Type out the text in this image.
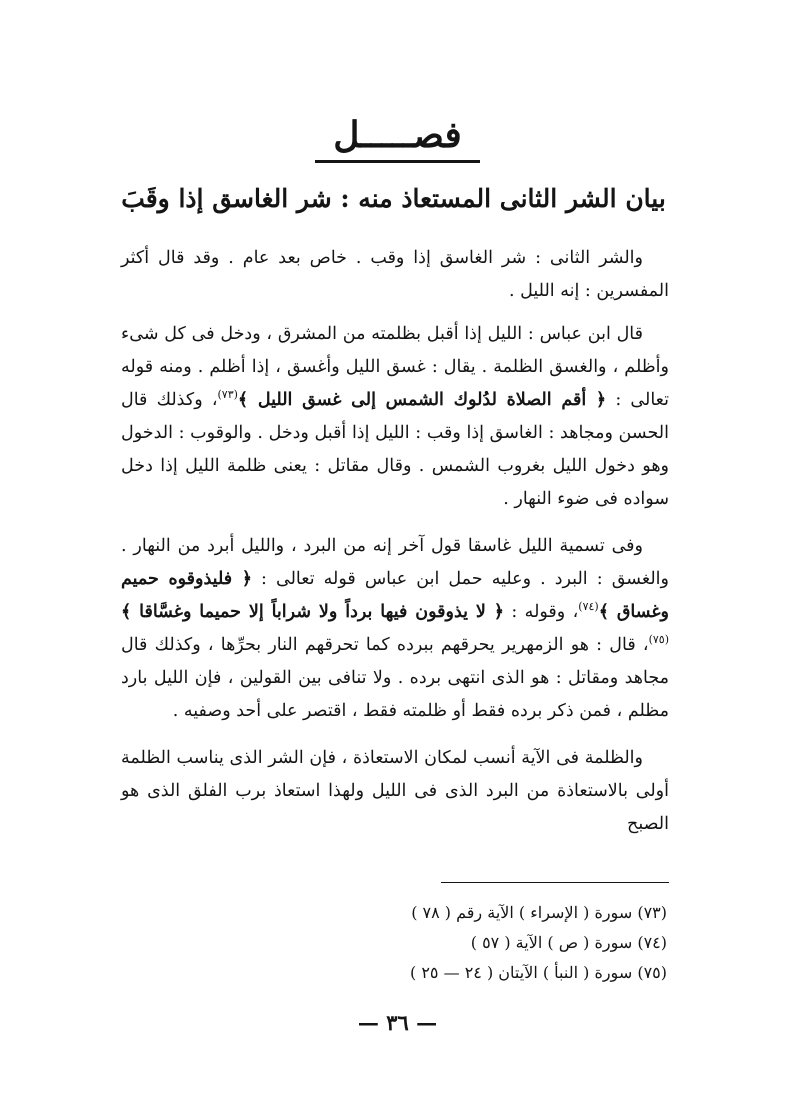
فصـــــل
بيان الشر الثانى المستعاذ منه : شر الغاسق إذا وقَبَ

والشر الثانى : شر الغاسق إذا وقب . خاص بعد عام . وقد قال أكثر المفسرين : إنه الليل .

قال ابن عباس : الليل إذا أقبل بظلمته من المشرق ، ودخل فى كل شىء وأظلم ، والغسق الظلمة . يقال : غسق الليل وأغسق ، إذا أظلم . ومنه قوله تعالى : ﴿ أقم الصلاة لدُلوك الشمس إلى غسق الليل ﴾$^{(٧٣)}$، وكذلك قال الحسن ومجاهد : الغاسق إذا وقب : الليل إذا أقبل ودخل . والوقوب : الدخول وهو دخول الليل بغروب الشمس . وقال مقاتل : يعنى ظلمة الليل إذا دخل سواده فى ضوء النهار .

وفى تسمية الليل غاسقا قول آخر إنه من البرد ، والليل أبرد من النهار . والغسق : البرد . وعليه حمل ابن عباس قوله تعالى : ﴿ فليذوقوه حميم وغساق ﴾$^{(٧٤)}$، وقوله : ﴿ لا يذوقون فيها برداً ولا شراباً إلا حميما وغسَّاقا ﴾$^{(٧٥)}$، قال : هو الزمهرير يحرقهم ببرده كما تحرقهم النار بحرِّها ، وكذلك قال مجاهد ومقاتل : هو الذى انتهى برده . ولا تنافى بين القولين ، فإن الليل بارد مظلم ، فمن ذكر برده فقط أو ظلمته فقط ، اقتصر على أحد وصفيه .

والظلمة فى الآية أنسب لمكان الاستعاذة ، فإن الشر الذى يناسب الظلمة أولى بالاستعاذة من البرد الذى فى الليل ولهذا استعاذ برب الفلق الذى هو الصبح

(٧٣) سورة ( الإسراء ) الآية رقم ( ٧٨ )
(٧٤) سورة ( ص ) الآية ( ٥٧ )
(٧٥) سورة ( النبأ ) الآيتان ( ٢٤ — ٢٥ )
— ٣٦ —
